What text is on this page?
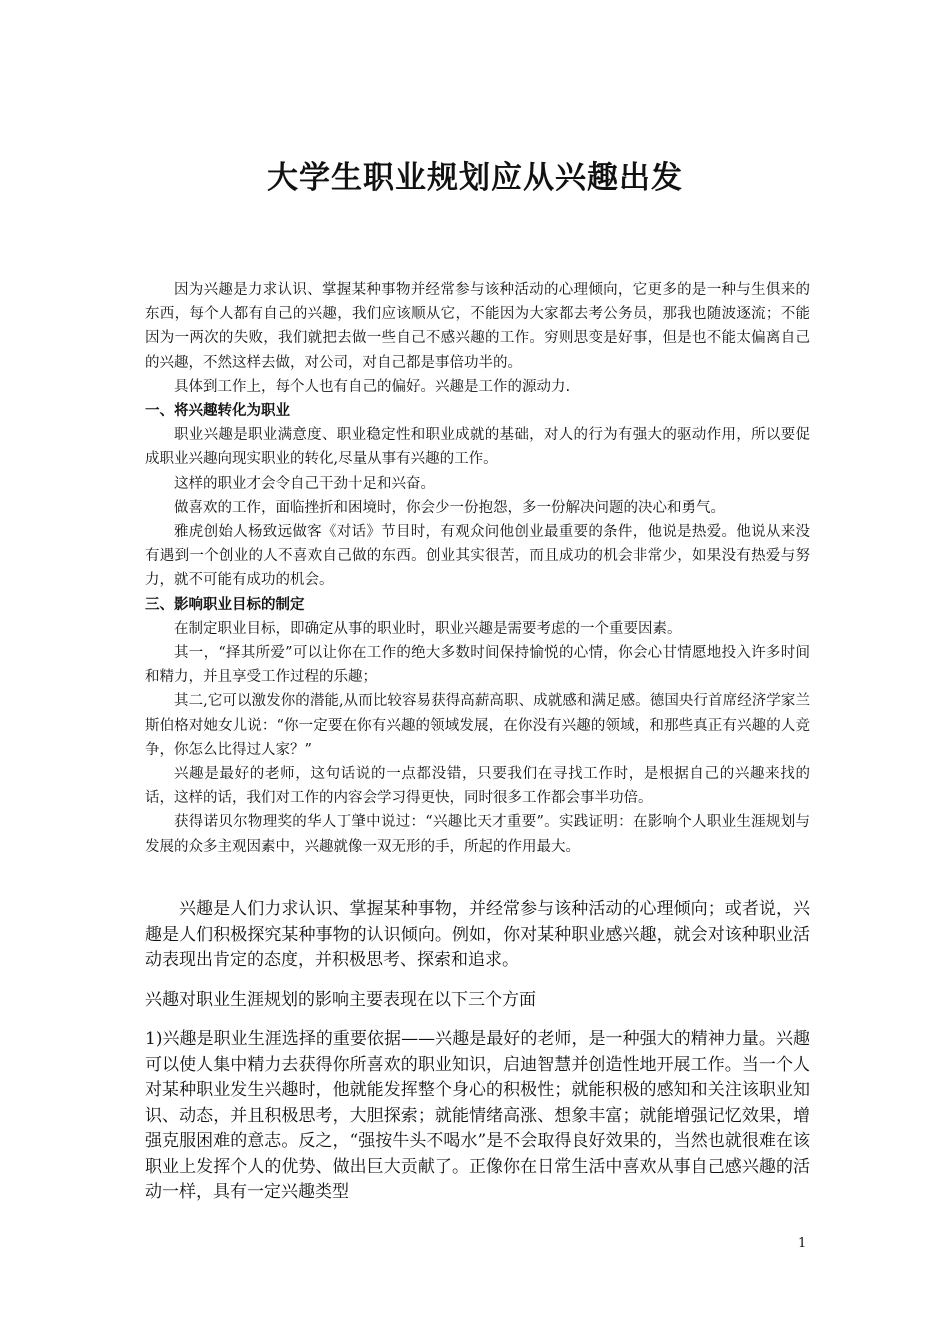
大学生职业规划应从兴趣出发

因为兴趣是力求认识、掌握某种事物并经常参与该种活动的心理倾向，它更多的是一种与生俱来的东西，每个人都有自己的兴趣，我们应该顺从它，不能因为大家都去考公务员，那我也随波逐流；不能因为一两次的失败，我们就把去做一些自己不感兴趣的工作。穷则思变是好事，但是也不能太偏离自己的兴趣，不然这样去做，对公司，对自己都是事倍功半的。

具体到工作上，每个人也有自己的偏好。兴趣是工作的源动力.

一、将兴趣转化为职业

职业兴趣是职业满意度、职业稳定性和职业成就的基础，对人的行为有强大的驱动作用，所以要促成职业兴趣向现实职业的转化,尽量从事有兴趣的工作。

这样的职业才会令自己干劲十足和兴奋。

做喜欢的工作，面临挫折和困境时，你会少一份抱怨，多一份解决问题的决心和勇气。

雅虎创始人杨致远做客《对话》节目时，有观众问他创业最重要的条件，他说是热爱。他说从来没有遇到一个创业的人不喜欢自己做的东西。创业其实很苦，而且成功的机会非常少，如果没有热爱与努力，就不可能有成功的机会。

三、影响职业目标的制定

在制定职业目标，即确定从事的职业时，职业兴趣是需要考虑的一个重要因素。

其一，“择其所爱”可以让你在工作的绝大多数时间保持愉悦的心情，你会心甘情愿地投入许多时间和精力，并且享受工作过程的乐趣；

其二,它可以激发你的潜能,从而比较容易获得高薪高职、成就感和满足感。德国央行首席经济学家兰斯伯格对她女儿说：“你一定要在你有兴趣的领域发展，在你没有兴趣的领域，和那些真正有兴趣的人竞争，你怎么比得过人家？”

兴趣是最好的老师，这句话说的一点都没错，只要我们在寻找工作时，是根据自己的兴趣来找的话，这样的话，我们对工作的内容会学习得更快，同时很多工作都会事半功倍。

获得诺贝尔物理奖的华人丁肇中说过：“兴趣比天才重要”。实践证明：在影响个人职业生涯规划与发展的众多主观因素中，兴趣就像一双无形的手，所起的作用最大。

兴趣是人们力求认识、掌握某种事物，并经常参与该种活动的心理倾向；或者说，兴趣是人们积极探究某种事物的认识倾向。例如，你对某种职业感兴趣，就会对该种职业活动表现出肯定的态度，并积极思考、探索和追求。

兴趣对职业生涯规划的影响主要表现在以下三个方面

1)兴趣是职业生涯选择的重要依据——兴趣是最好的老师，是一种强大的精神力量。兴趣可以使人集中精力去获得你所喜欢的职业知识，启迪智慧并创造性地开展工作。当一个人对某种职业发生兴趣时，他就能发挥整个身心的积极性；就能积极的感知和关注该职业知识、动态，并且积极思考，大胆探索；就能情绪高涨、想象丰富；就能增强记忆效果，增强克服困难的意志。反之，“强按牛头不喝水”是不会取得良好效果的，当然也就很难在该职业上发挥个人的优势、做出巨大贡献了。正像你在日常生活中喜欢从事自己感兴趣的活动一样，具有一定兴趣类型

1
